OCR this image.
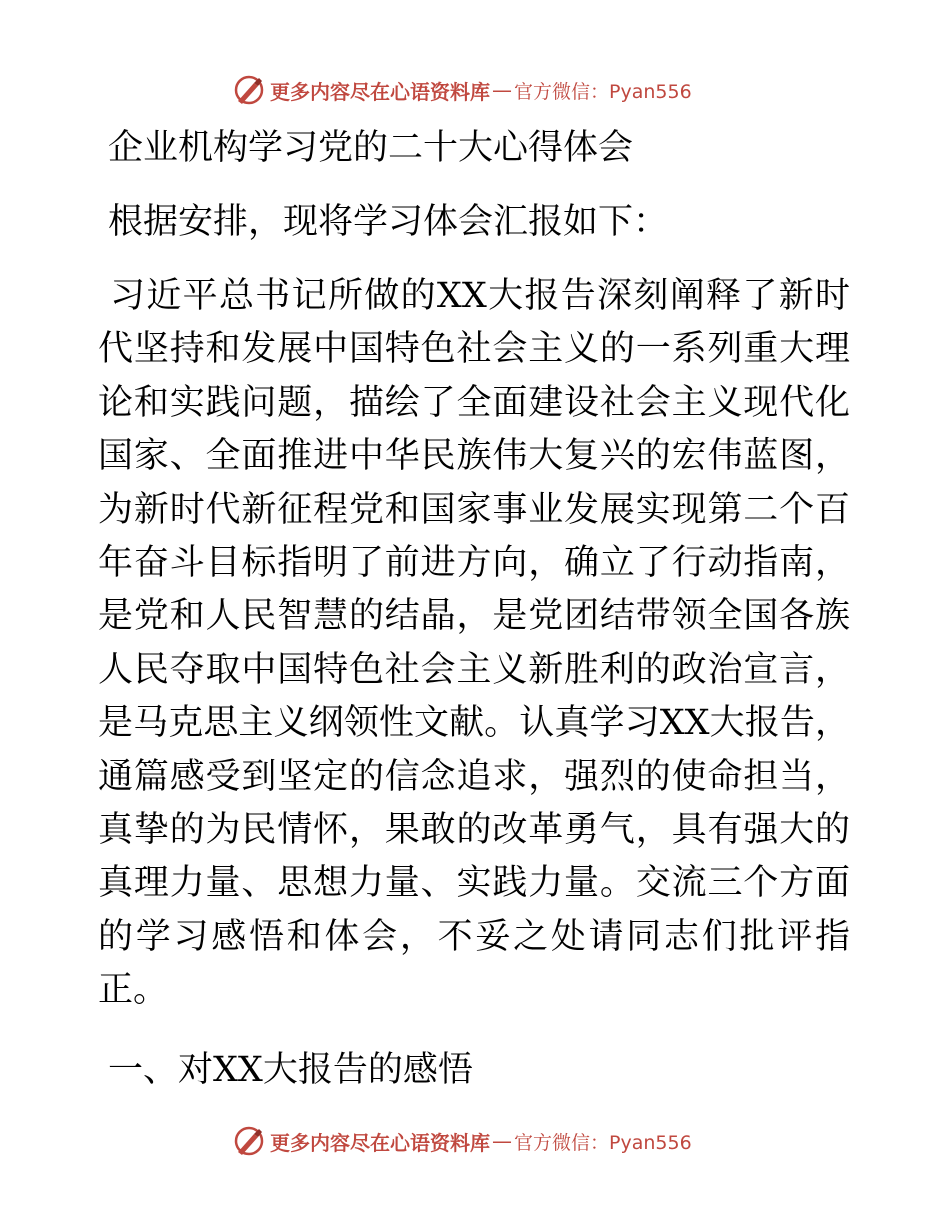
更多内容尽在心语资料库 — 官方微信：Pyan556
企业机构学习党的二十大心得体会
根据安排，现将学习体会汇报如下：

习近平总书记所做的XX大报告深刻阐释了新时代坚持和发展中国特色社会主义的一系列重大理论和实践问题，描绘了全面建设社会主义现代化国家、全面推进中华民族伟大复兴的宏伟蓝图，为新时代新征程党和国家事业发展实现第二个百年奋斗目标指明了前进方向，确立了行动指南，是党和人民智慧的结晶，是党团结带领全国各族人民夺取中国特色社会主义新胜利的政治宣言，是马克思主义纲领性文献。认真学习XX大报告，通篇感受到坚定的信念追求，强烈的使命担当，真挚的为民情怀，果敢的改革勇气，具有强大的真理力量、思想力量、实践力量。交流三个方面的学习感悟和体会，不妥之处请同志们批评指正。

一、对XX大报告的感悟
更多内容尽在心语资料库 — 官方微信：Pyan556
